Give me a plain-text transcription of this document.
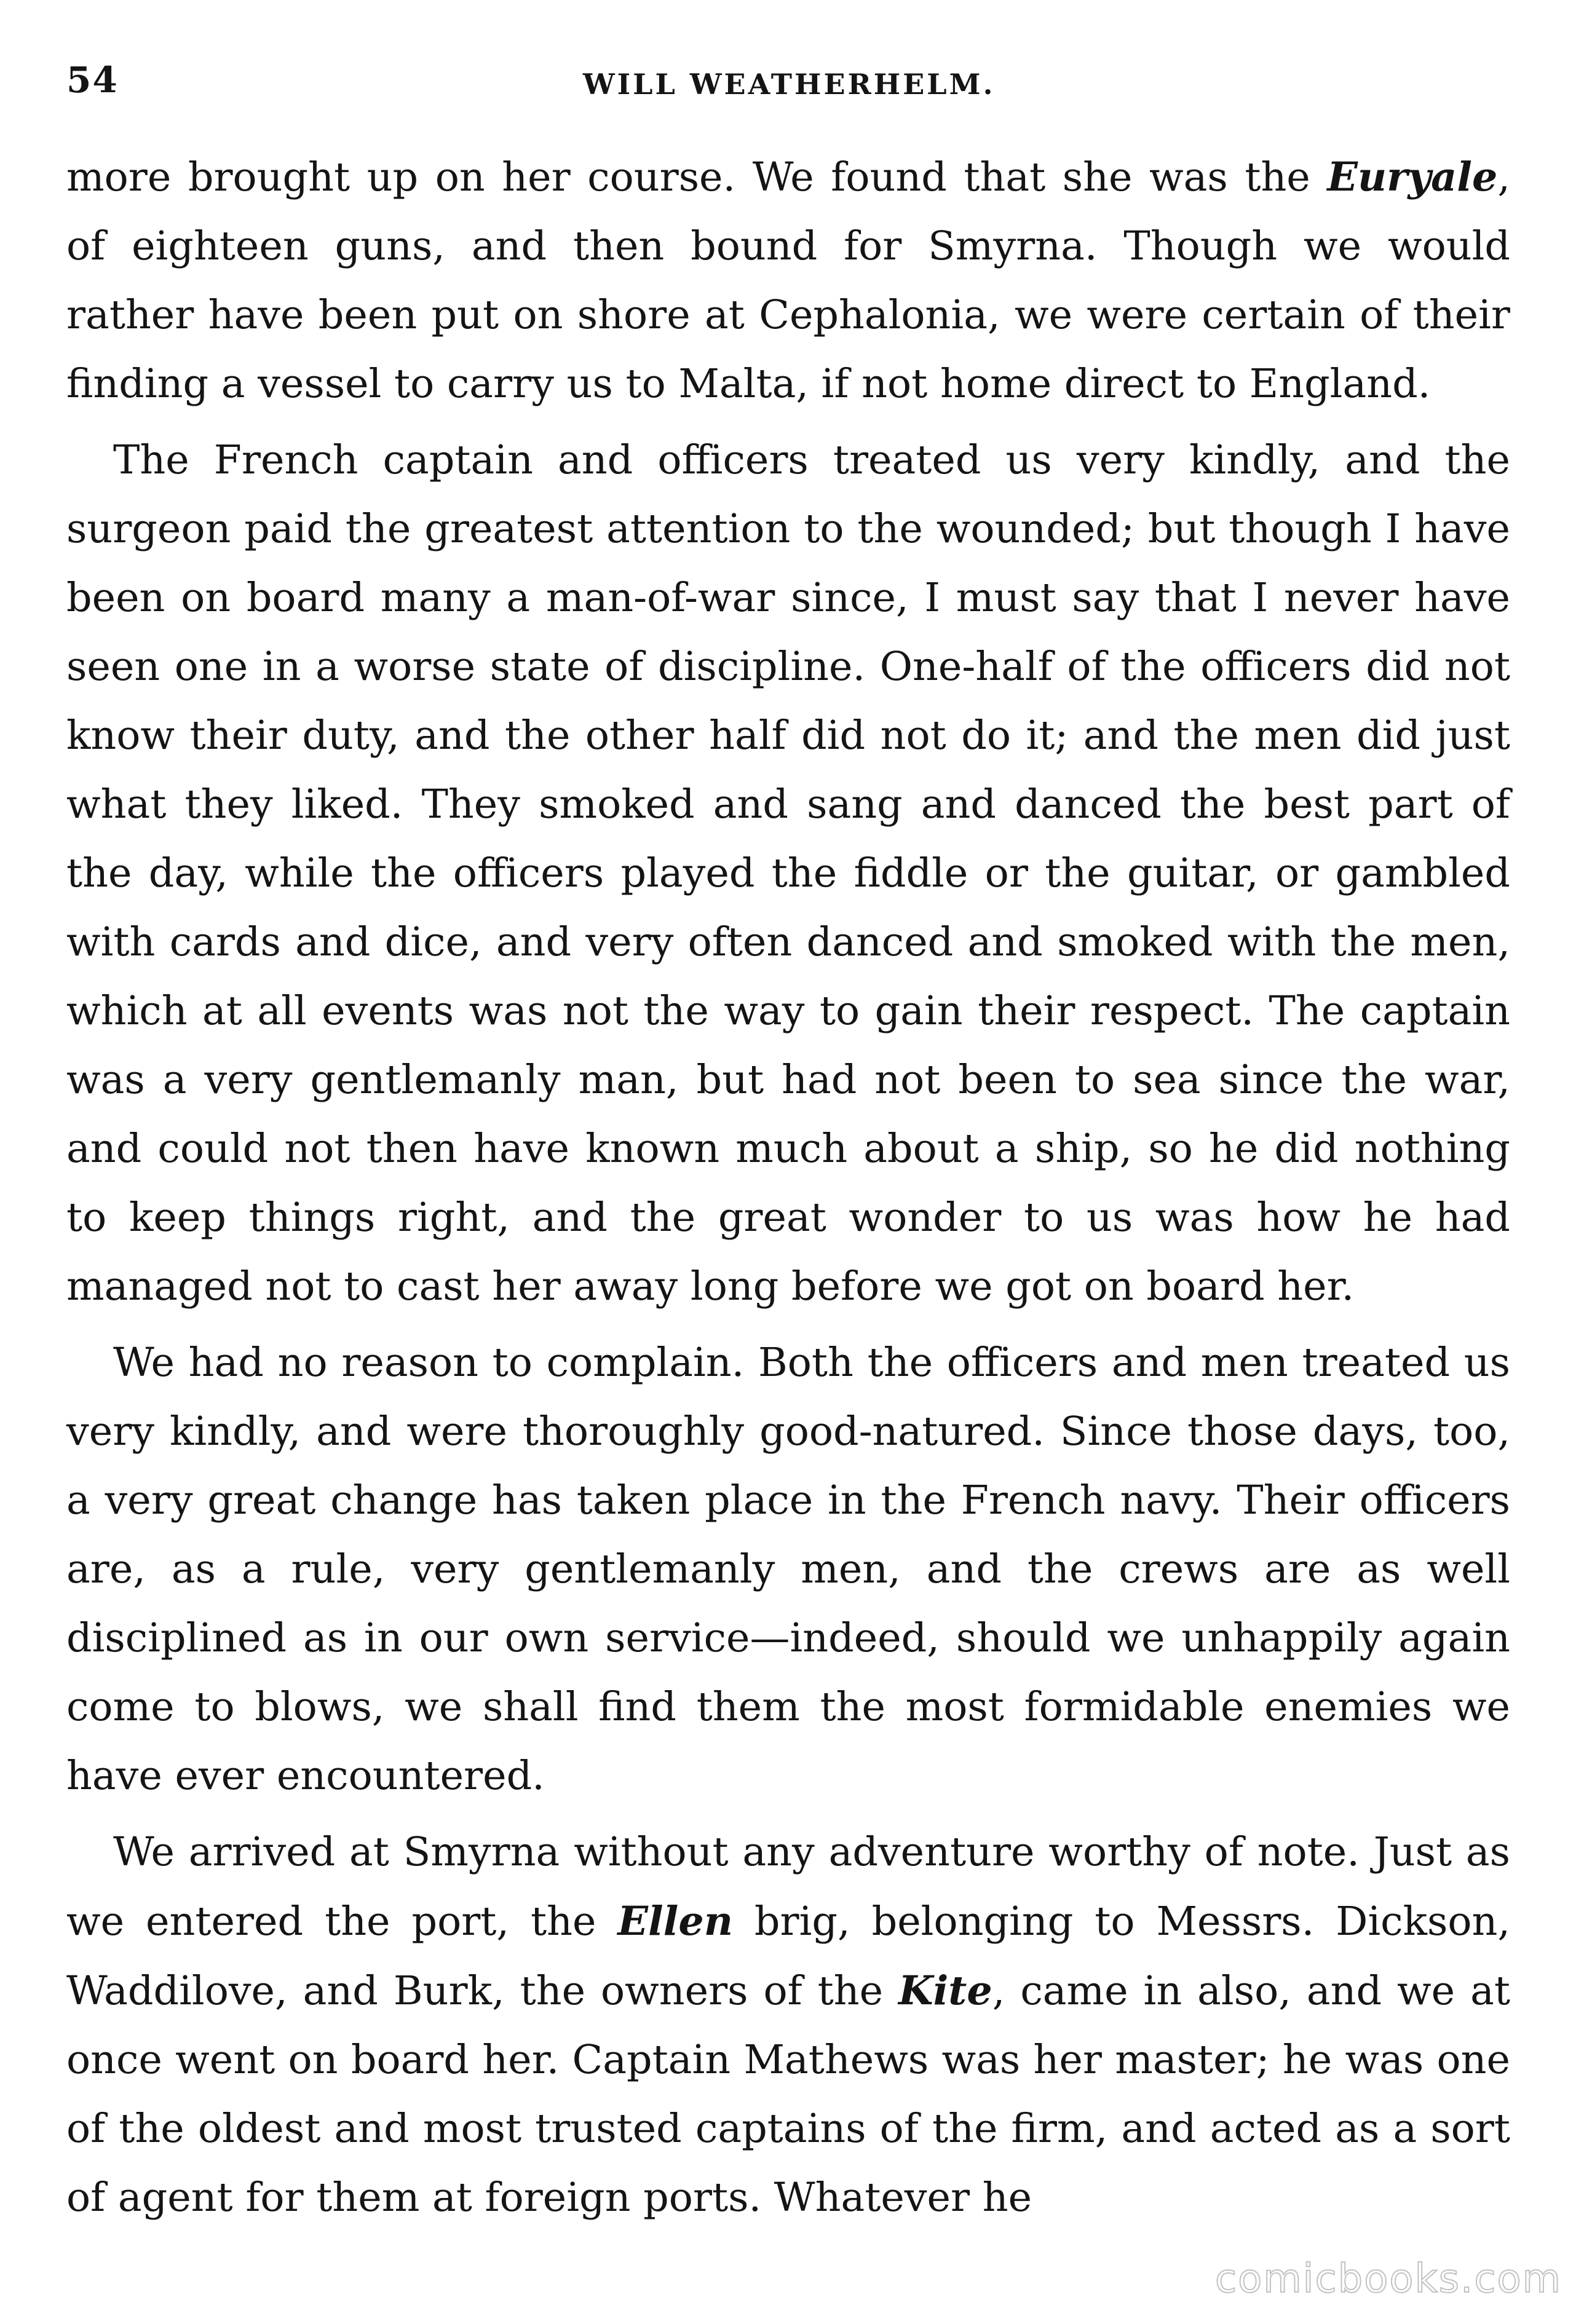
54	WILL WEATHERHELM.

more brought up on her course. We found that she was the Euryale, of eighteen guns, and then bound for Smyrna. Though we would rather have been put on shore at Cephalonia, we were certain of their finding a vessel to carry us to Malta, if not home direct to England.

The French captain and officers treated us very kindly, and the surgeon paid the greatest attention to the wounded; but though I have been on board many a man-of-war since, I must say that I never have seen one in a worse state of discipline. One-half of the officers did not know their duty, and the other half did not do it; and the men did just what they liked. They smoked and sang and danced the best part of the day, while the officers played the fiddle or the guitar, or gambled with cards and dice, and very often danced and smoked with the men, which at all events was not the way to gain their respect. The captain was a very gentlemanly man, but had not been to sea since the war, and could not then have known much about a ship, so he did nothing to keep things right, and the great wonder to us was how he had managed not to cast her away long before we got on board her.

We had no reason to complain. Both the officers and men treated us very kindly, and were thoroughly good-natured. Since those days, too, a very great change has taken place in the French navy. Their officers are, as a rule, very gentlemanly men, and the crews are as well disciplined as in our own service—indeed, should we unhappily again come to blows, we shall find them the most formidable enemies we have ever encountered.

We arrived at Smyrna without any adventure worthy of note. Just as we entered the port, the Ellen brig, belonging to Messrs. Dickson, Waddilove, and Burk, the owners of the Kite, came in also, and we at once went on board her. Captain Mathews was her master; he was one of the oldest and most trusted captains of the firm, and acted as a sort of agent for them at foreign ports. Whatever he

comicbooks.com
